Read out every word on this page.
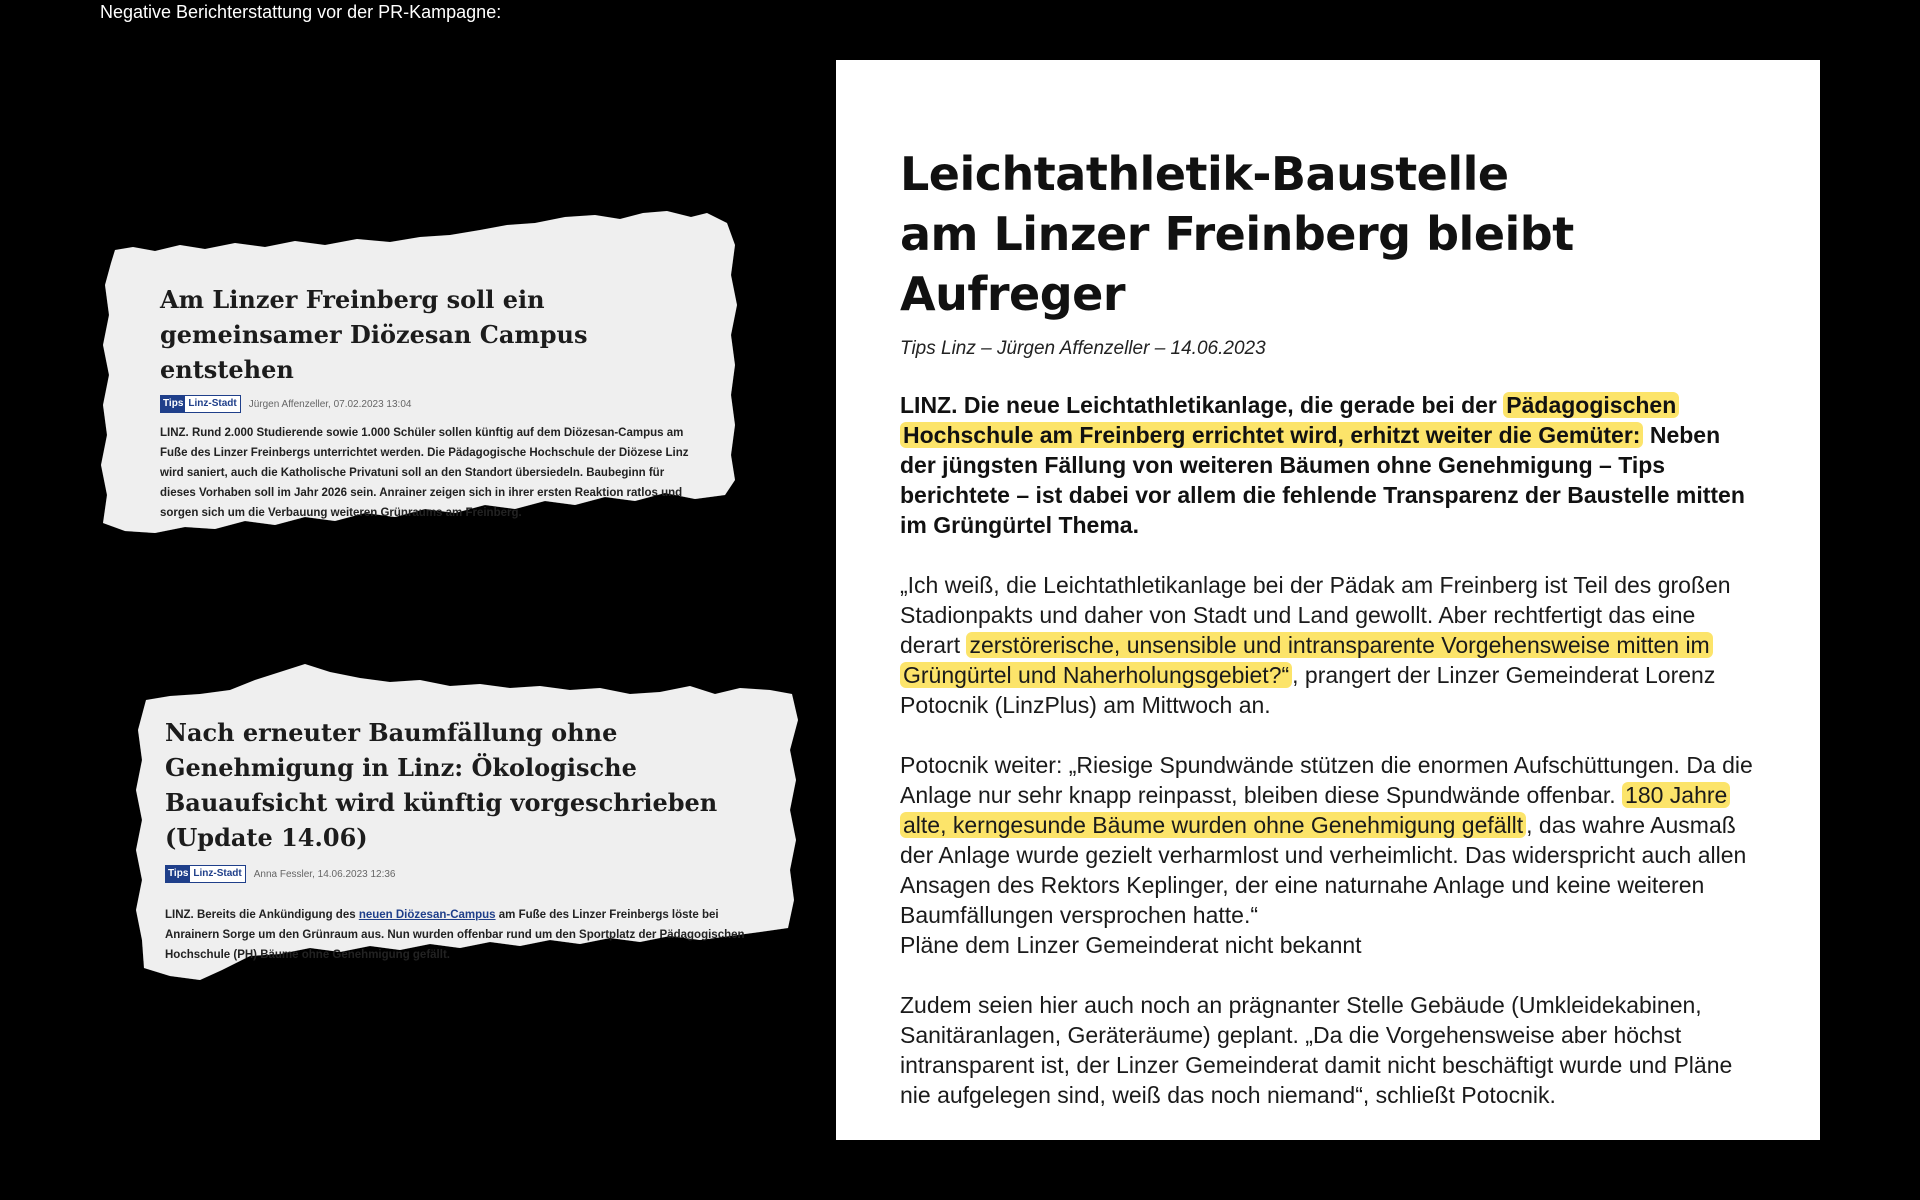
Negative Berichterstattung vor der PR-Kampagne:
Am Linzer Freinberg soll ein gemeinsamer Diözesan Campus entstehen
Tips Linz-Stadt	Jürgen Affenzeller, 07.02.2023 13:04

LINZ. Rund 2.000 Studierende sowie 1.000 Schüler sollen künftig auf dem Diözesan-Campus am Fuße des Linzer Freinbergs unterrichtet werden. Die Pädagogische Hochschule der Diözese Linz wird saniert, auch die Katholische Privatuni soll an den Standort übersiedeln. Baubeginn für dieses Vorhaben soll im Jahr 2026 sein. Anrainer zeigen sich in ihrer ersten Reaktion ratlos und sorgen sich um die Verbauung weiteren Grünraums am Freinberg.

Nach erneuter Baumfällung ohne Genehmigung in Linz: Ökologische Bauaufsicht wird künftig vorgeschrieben (Update 14.06)
Tips Linz-Stadt	Anna Fessler, 14.06.2023 12:36

LINZ. Bereits die Ankündigung des neuen Diözesan-Campus am Fuße des Linzer Freinbergs löste bei Anrainern Sorge um den Grünraum aus. Nun wurden offenbar rund um den Sportplatz der Pädagogischen Hochschule (PH) Bäume ohne Genehmigung gefällt.

Leichtathletik-Baustelle
am Linzer Freinberg bleibt Aufreger

Tips Linz – Jürgen Affenzeller – 14.06.2023

LINZ. Die neue Leichtathletikanlage, die gerade bei der Pädagogischen Hochschule am Freinberg errichtet wird, erhitzt weiter die Gemüter: Neben der jüngsten Fällung von weiteren Bäumen ohne Genehmigung – Tips berichtete – ist dabei vor allem die fehlende Transparenz der Baustelle mitten im Grüngürtel Thema.

„Ich weiß, die Leichtathletikanlage bei der Pädak am Freinberg ist Teil des großen Stadionpakts und daher von Stadt und Land gewollt. Aber rechtfertigt das eine derart zerstörerische, unsensible und intransparente Vorgehensweise mitten im Grüngürtel und Naherholungsgebiet?“ , prangert der Linzer Gemeinderat Lorenz Potocnik (LinzPlus) am Mittwoch an.

Potocnik weiter: „Riesige Spundwände stützen die enormen Aufschüttungen. Da die Anlage nur sehr knapp reinpasst, bleiben diese Spundwände offenbar. 180 Jahre alte, kerngesunde Bäume wurden ohne Genehmigung gefällt , das wahre Ausmaß der Anlage wurde gezielt verharmlost und verheimlicht. Das widerspricht auch allen Ansagen des Rektors Keplinger, der eine naturnahe Anlage und keine weiteren Baumfällungen versprochen hatte.“

Pläne dem Linzer Gemeinderat nicht bekannt

Zudem seien hier auch noch an prägnanter Stelle Gebäude (Umkleidekabinen, Sanitäranlagen, Geräteräume) geplant. „Da die Vorgehensweise aber höchst intransparent ist, der Linzer Gemeinderat damit nicht beschäftigt wurde und Pläne nie aufgelegen sind, weiß das noch niemand“, schließt Potocnik.
